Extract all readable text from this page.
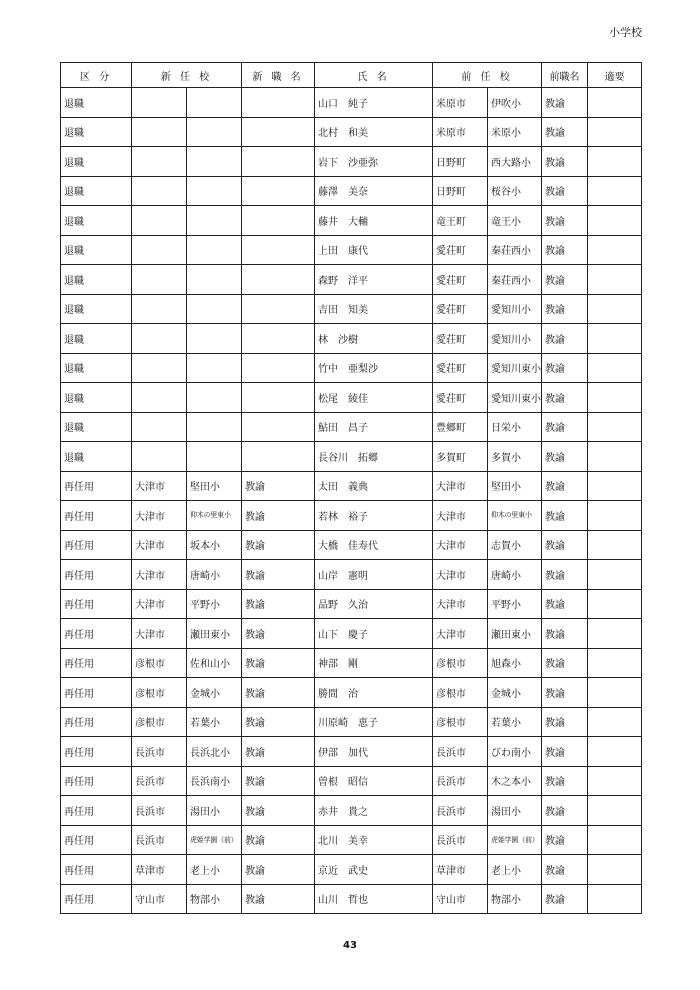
小学校
区 分	新 任 校		新 職 名	氏 名	前 任 校		前職名	適要
退職				山口　純子	米原市	伊吹小	教諭	
退職				北村　和美	米原市	米原小	教諭	
退職				岩下　沙亜弥	日野町	西大路小	教諭	
退職				藤澤　美奈	日野町	桜谷小	教諭	
退職				藤井　大輔	竜王町	竜王小	教諭	
退職				上田　康代	愛荘町	秦荘西小	教諭	
退職				森野　洋平	愛荘町	秦荘西小	教諭	
退職				吉田　知美	愛荘町	愛知川小	教諭	
退職				林　沙樹	愛荘町	愛知川小	教諭	
退職				竹中　亜梨沙	愛荘町	愛知川東小	教諭	
退職				松尾　綾佳	愛荘町	愛知川東小	教諭	
退職				鮎田　昌子	豊郷町	日栄小	教諭	
退職				長谷川　拓郷	多賀町	多賀小	教諭	
再任用	大津市	堅田小	教諭	太田　義典	大津市	堅田小	教諭	
再任用	大津市	仰木の里東小	教諭	若林　裕子	大津市	仰木の里東小	教諭	
再任用	大津市	坂本小	教諭	大橋　佳寿代	大津市	志賀小	教諭	
再任用	大津市	唐崎小	教諭	山岸　憲明	大津市	唐崎小	教諭	
再任用	大津市	平野小	教諭	品野　久治	大津市	平野小	教諭	
再任用	大津市	瀬田東小	教諭	山下　慶子	大津市	瀬田東小	教諭	
再任用	彦根市	佐和山小	教諭	神部　剛	彦根市	旭森小	教諭	
再任用	彦根市	金城小	教諭	勝間　治	彦根市	金城小	教諭	
再任用	彦根市	若葉小	教諭	川原崎　恵子	彦根市	若葉小	教諭	
再任用	長浜市	長浜北小	教諭	伊部　加代	長浜市	びわ南小	教諭	
再任用	長浜市	長浜南小	教諭	曽根　昭信	長浜市	木之本小	教諭	
再任用	長浜市	湯田小	教諭	赤井　貴之	長浜市	湯田小	教諭	
再任用	長浜市	虎姫学園（前）	教諭	北川　美幸	長浜市	虎姫学園（前）	教諭	
再任用	草津市	老上小	教諭	京近　武史	草津市	老上小	教諭	
再任用	守山市	物部小	教諭	山川　哲也	守山市	物部小	教諭	
43
